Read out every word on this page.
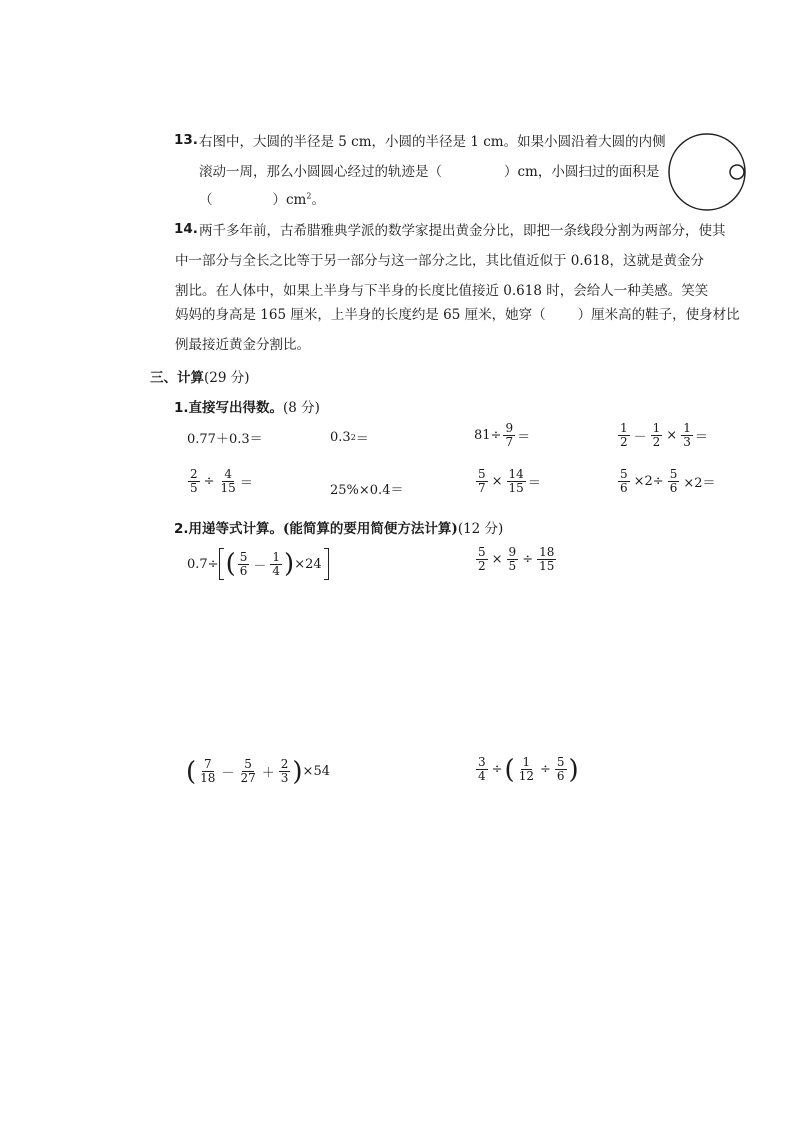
13. 右图中，大圆的半径是 5 cm，小圆的半径是 1 cm。如果小圆沿着大圆的内侧
滚动一周，那么小圆圆心经过的轨迹是（	）cm，小圆扫过的面积是
（	）$cm^2$。
14. 两千多年前，古希腊雅典学派的数学家提出黄金分比，即把一条线段分割为两部分，使其
中一部分与全长之比等于另一部分与这一部分之比，其比值近似于 0.618，这就是黄金分
割比。在人体中，如果上半身与下半身的长度比值接近 0.618 时，会给人一种美感。笑笑
妈妈的身高是 165 厘米，上半身的长度约是 65 厘米，她穿（ ）厘米高的鞋子，使身材比
例最接近黄金分割比。
三、计算(29 分)
1.直接写出得数。(8 分)
0.77＋0.3＝	0.3 2 ＝	$81\div \frac{9}{7}$ ＝	$\frac{1}{2} - \frac{1}{2} \times \frac{1}{3}$ ＝
$\frac{2}{5} \div \frac{4}{15}$ ＝	25%×0.4＝	$\frac{5}{7} \times \frac{14}{15}$ ＝	$\frac{5}{6} \times 2\div \frac{5}{6} \times 2=$
2.用递等式计算。(能简算的要用简便方法计算)(12 分)
0.7÷ ( $\frac{5}{6} - \frac{1}{4}$ ) ×24	$\frac{5}{2} \times \frac{9}{5} \div \frac{18}{15}$
( $\frac{7}{18} - \frac{5}{27} + \frac{2}{3}$ ) ×54	$\frac{3}{4}$ ÷ ( $\frac{1}{12} \div \frac{5}{6}$ )
